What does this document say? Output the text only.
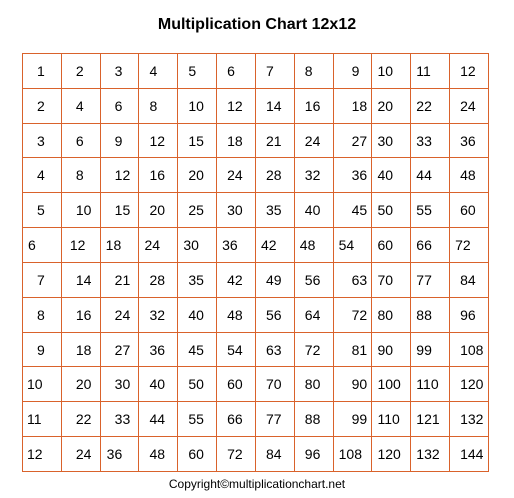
Multiplication Chart 12x12
1	2	3	4	5	6	7	8	9	10	11	12
2	4	6	8	10	12	14	16	18	20	22	24
3	6	9	12	15	18	21	24	27	30	33	36
4	8	12	16	20	24	28	32	36	40	44	48
5	10	15	20	25	30	35	40	45	50	55	60
6	12	18	24	30	36	42	48	54	60	66	72
7	14	21	28	35	42	49	56	63	70	77	84
8	16	24	32	40	48	56	64	72	80	88	96
9	18	27	36	45	54	63	72	81	90	99	108
10	20	30	40	50	60	70	80	90	100	110	120
11	22	33	44	55	66	77	88	99	110	121	132
12	24	36	48	60	72	84	96	108	120	132	144
Copyright©multiplicationchart.net
